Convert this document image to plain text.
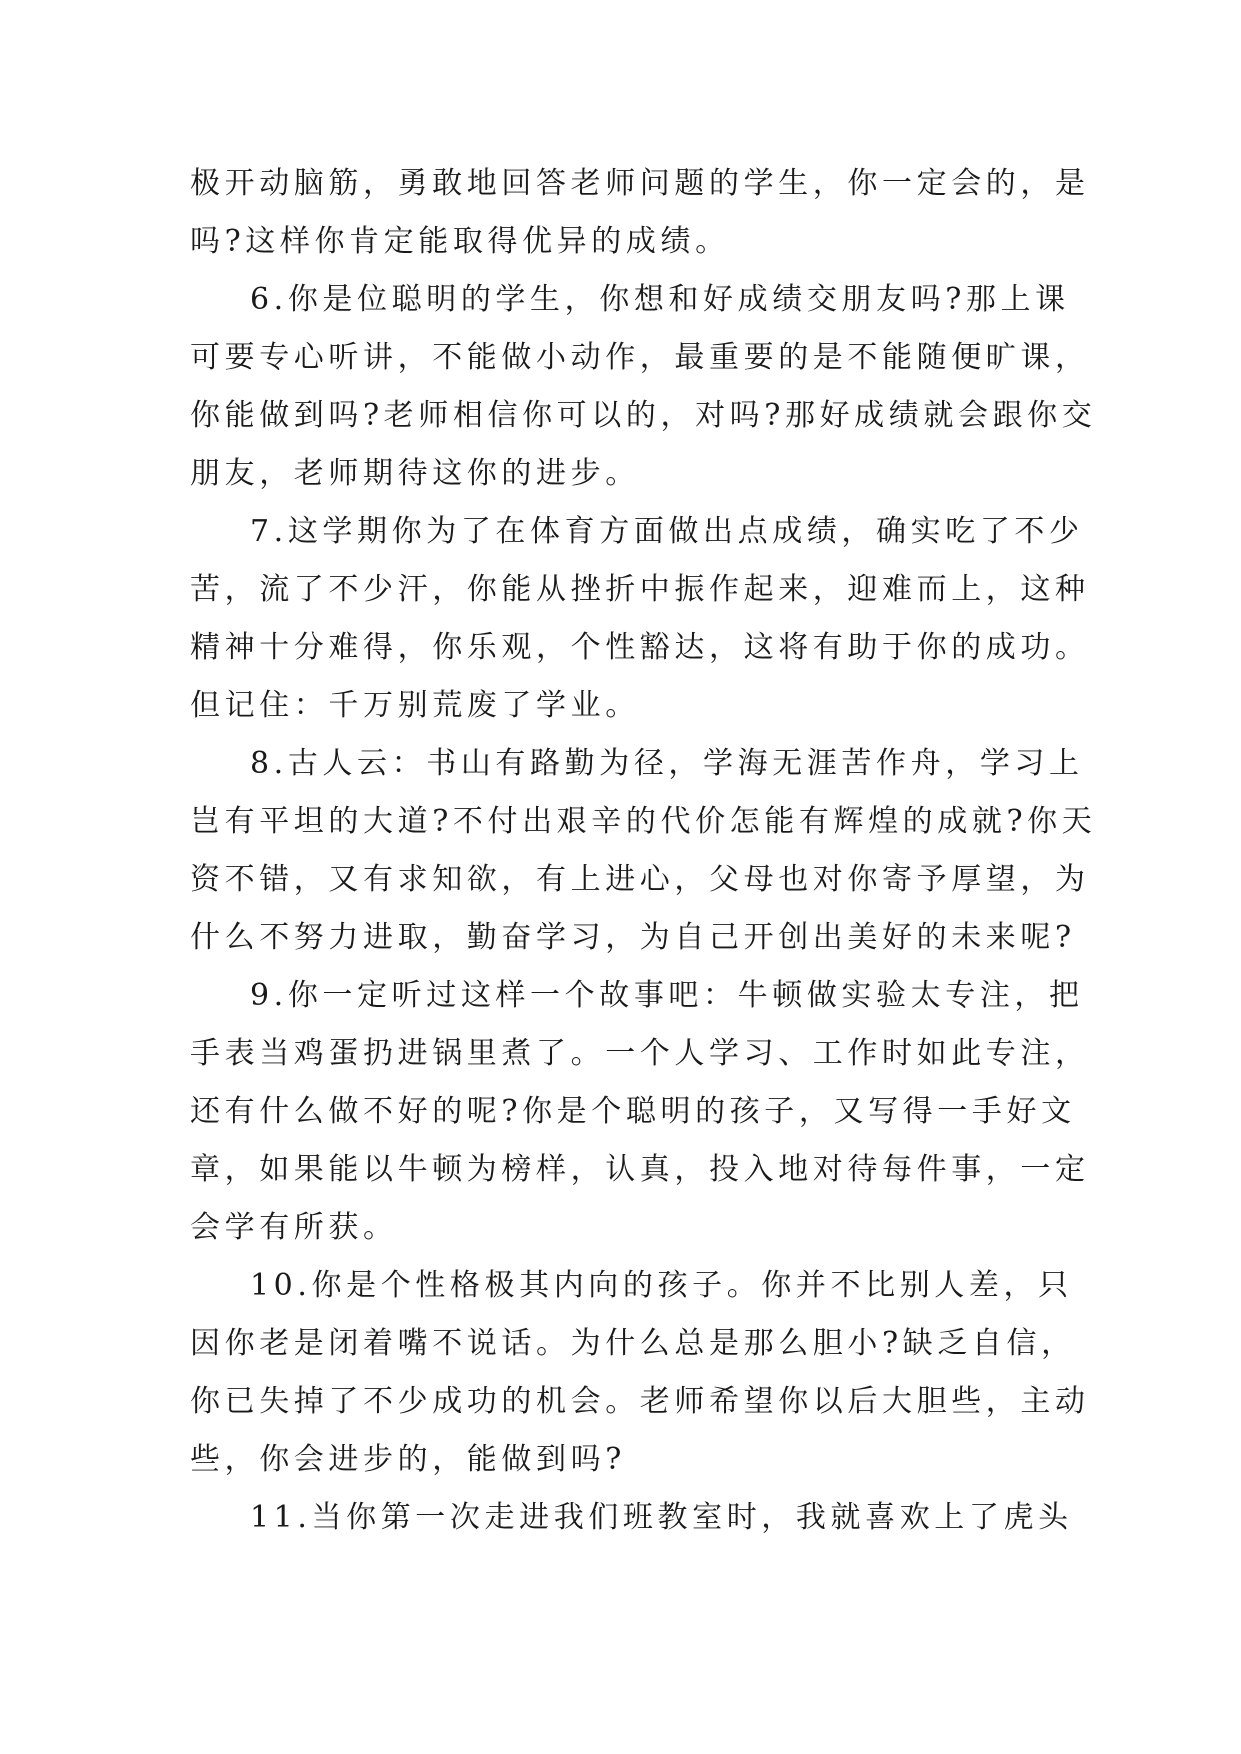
极开动脑筋，勇敢地回答老师问题的学生，你一定会的，是
吗?这样你肯定能取得优异的成绩。
6.你是位聪明的学生，你想和好成绩交朋友吗?那上课
可要专心听讲，不能做小动作，最重要的是不能随便旷课，
你能做到吗?老师相信你可以的，对吗?那好成绩就会跟你交
朋友，老师期待这你的进步。
7.这学期你为了在体育方面做出点成绩，确实吃了不少
苦，流了不少汗，你能从挫折中振作起来，迎难而上，这种
精神十分难得，你乐观，个性豁达，这将有助于你的成功。
但记住：千万别荒废了学业。
8.古人云：书山有路勤为径，学海无涯苦作舟，学习上
岂有平坦的大道?不付出艰辛的代价怎能有辉煌的成就?你天
资不错，又有求知欲，有上进心，父母也对你寄予厚望，为
什么不努力进取，勤奋学习，为自己开创出美好的未来呢?
9.你一定听过这样一个故事吧：牛顿做实验太专注，把
手表当鸡蛋扔进锅里煮了。一个人学习、工作时如此专注，
还有什么做不好的呢?你是个聪明的孩子，又写得一手好文
章，如果能以牛顿为榜样，认真，投入地对待每件事，一定
会学有所获。
10.你是个性格极其内向的孩子。你并不比别人差，只
因你老是闭着嘴不说话。为什么总是那么胆小?缺乏自信，
你已失掉了不少成功的机会。老师希望你以后大胆些，主动
些，你会进步的，能做到吗?
11.当你第一次走进我们班教室时，我就喜欢上了虎头
